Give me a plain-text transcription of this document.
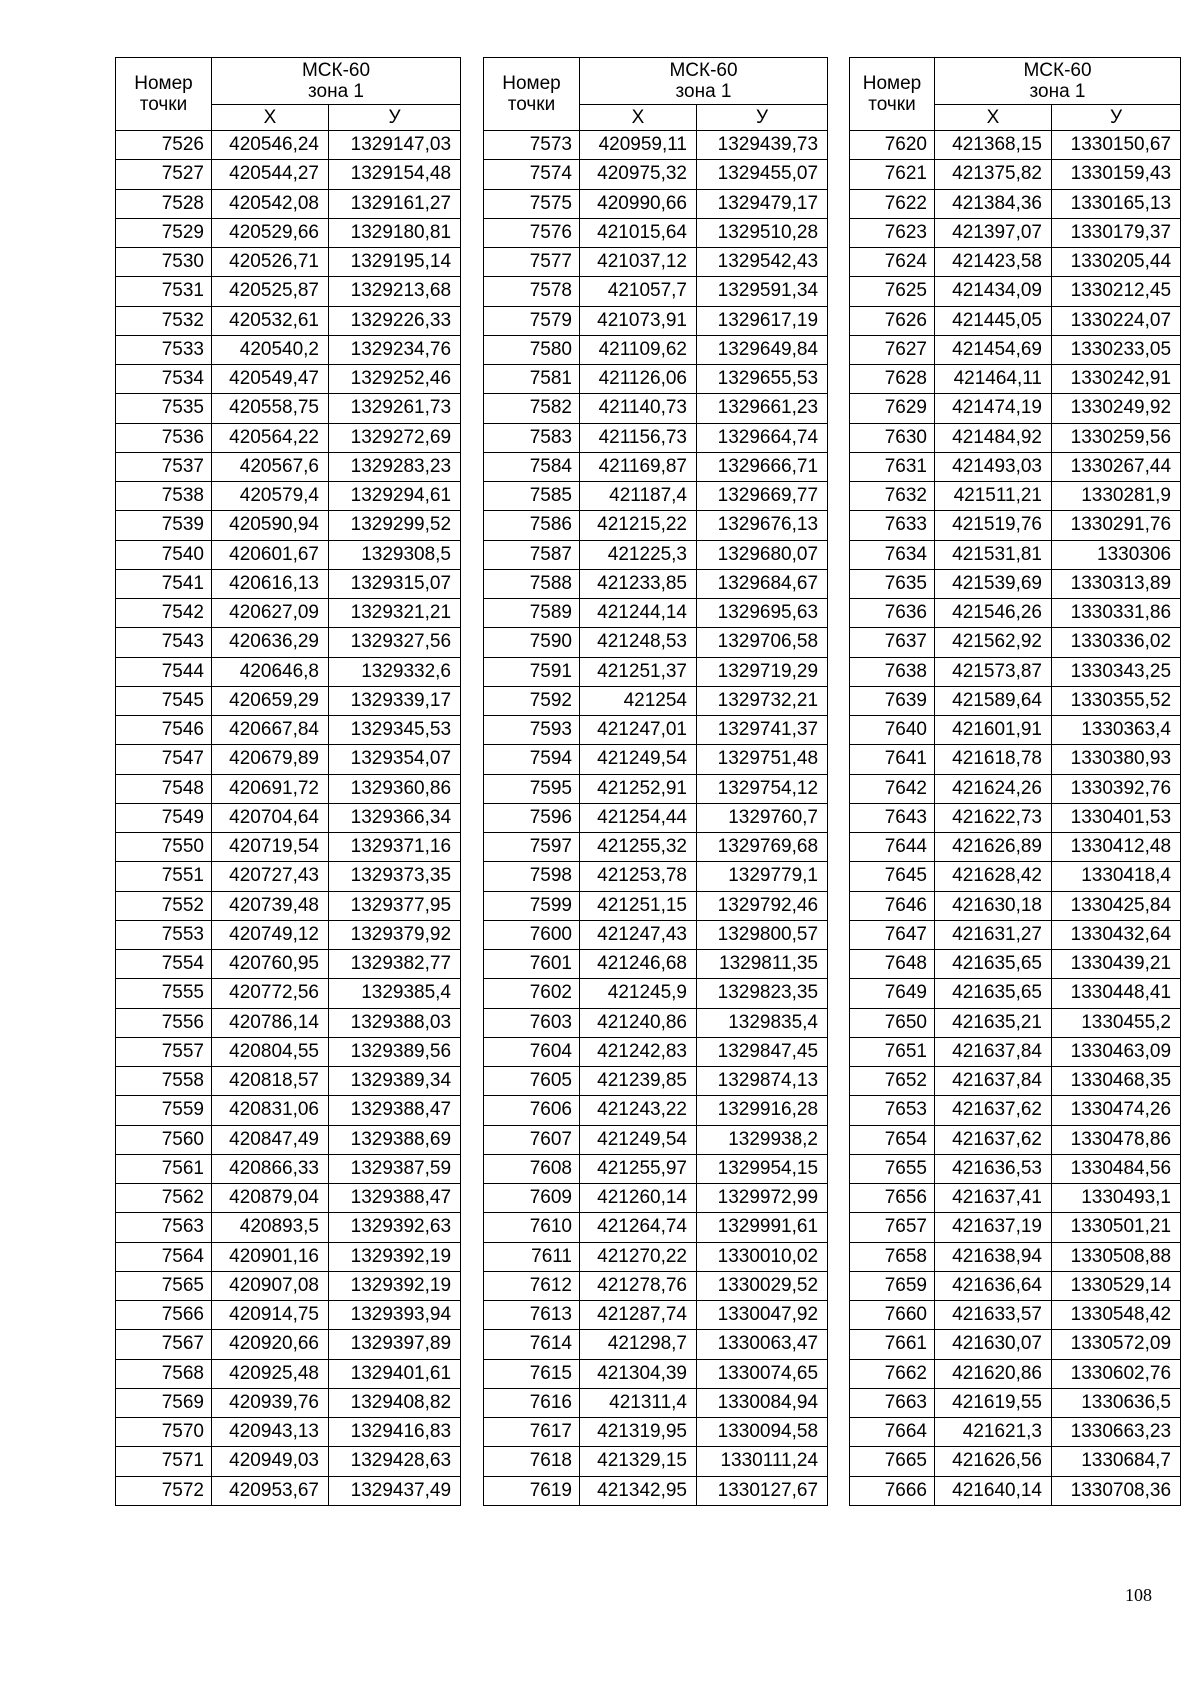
Номер
точки	МСК-60
зона 1	
	Х	У
7526	420546,24	1329147,03
7527	420544,27	1329154,48
7528	420542,08	1329161,27
7529	420529,66	1329180,81
7530	420526,71	1329195,14
7531	420525,87	1329213,68
7532	420532,61	1329226,33
7533	420540,2	1329234,76
7534	420549,47	1329252,46
7535	420558,75	1329261,73
7536	420564,22	1329272,69
7537	420567,6	1329283,23
7538	420579,4	1329294,61
7539	420590,94	1329299,52
7540	420601,67	1329308,5
7541	420616,13	1329315,07
7542	420627,09	1329321,21
7543	420636,29	1329327,56
7544	420646,8	1329332,6
7545	420659,29	1329339,17
7546	420667,84	1329345,53
7547	420679,89	1329354,07
7548	420691,72	1329360,86
7549	420704,64	1329366,34
7550	420719,54	1329371,16
7551	420727,43	1329373,35
7552	420739,48	1329377,95
7553	420749,12	1329379,92
7554	420760,95	1329382,77
7555	420772,56	1329385,4
7556	420786,14	1329388,03
7557	420804,55	1329389,56
7558	420818,57	1329389,34
7559	420831,06	1329388,47
7560	420847,49	1329388,69
7561	420866,33	1329387,59
7562	420879,04	1329388,47
7563	420893,5	1329392,63
7564	420901,16	1329392,19
7565	420907,08	1329392,19
7566	420914,75	1329393,94
7567	420920,66	1329397,89
7568	420925,48	1329401,61
7569	420939,76	1329408,82
7570	420943,13	1329416,83
7571	420949,03	1329428,63
7572	420953,67	1329437,49
Номер
точки	МСК-60
зона 1	
	Х	У
7573	420959,11	1329439,73
7574	420975,32	1329455,07
7575	420990,66	1329479,17
7576	421015,64	1329510,28
7577	421037,12	1329542,43
7578	421057,7	1329591,34
7579	421073,91	1329617,19
7580	421109,62	1329649,84
7581	421126,06	1329655,53
7582	421140,73	1329661,23
7583	421156,73	1329664,74
7584	421169,87	1329666,71
7585	421187,4	1329669,77
7586	421215,22	1329676,13
7587	421225,3	1329680,07
7588	421233,85	1329684,67
7589	421244,14	1329695,63
7590	421248,53	1329706,58
7591	421251,37	1329719,29
7592	421254	1329732,21
7593	421247,01	1329741,37
7594	421249,54	1329751,48
7595	421252,91	1329754,12
7596	421254,44	1329760,7
7597	421255,32	1329769,68
7598	421253,78	1329779,1
7599	421251,15	1329792,46
7600	421247,43	1329800,57
7601	421246,68	1329811,35
7602	421245,9	1329823,35
7603	421240,86	1329835,4
7604	421242,83	1329847,45
7605	421239,85	1329874,13
7606	421243,22	1329916,28
7607	421249,54	1329938,2
7608	421255,97	1329954,15
7609	421260,14	1329972,99
7610	421264,74	1329991,61
7611	421270,22	1330010,02
7612	421278,76	1330029,52
7613	421287,74	1330047,92
7614	421298,7	1330063,47
7615	421304,39	1330074,65
7616	421311,4	1330084,94
7617	421319,95	1330094,58
7618	421329,15	1330111,24
7619	421342,95	1330127,67
Номер
точки	МСК-60
зона 1	
	Х	У
7620	421368,15	1330150,67
7621	421375,82	1330159,43
7622	421384,36	1330165,13
7623	421397,07	1330179,37
7624	421423,58	1330205,44
7625	421434,09	1330212,45
7626	421445,05	1330224,07
7627	421454,69	1330233,05
7628	421464,11	1330242,91
7629	421474,19	1330249,92
7630	421484,92	1330259,56
7631	421493,03	1330267,44
7632	421511,21	1330281,9
7633	421519,76	1330291,76
7634	421531,81	1330306
7635	421539,69	1330313,89
7636	421546,26	1330331,86
7637	421562,92	1330336,02
7638	421573,87	1330343,25
7639	421589,64	1330355,52
7640	421601,91	1330363,4
7641	421618,78	1330380,93
7642	421624,26	1330392,76
7643	421622,73	1330401,53
7644	421626,89	1330412,48
7645	421628,42	1330418,4
7646	421630,18	1330425,84
7647	421631,27	1330432,64
7648	421635,65	1330439,21
7649	421635,65	1330448,41
7650	421635,21	1330455,2
7651	421637,84	1330463,09
7652	421637,84	1330468,35
7653	421637,62	1330474,26
7654	421637,62	1330478,86
7655	421636,53	1330484,56
7656	421637,41	1330493,1
7657	421637,19	1330501,21
7658	421638,94	1330508,88
7659	421636,64	1330529,14
7660	421633,57	1330548,42
7661	421630,07	1330572,09
7662	421620,86	1330602,76
7663	421619,55	1330636,5
7664	421621,3	1330663,23
7665	421626,56	1330684,7
7666	421640,14	1330708,36
108
